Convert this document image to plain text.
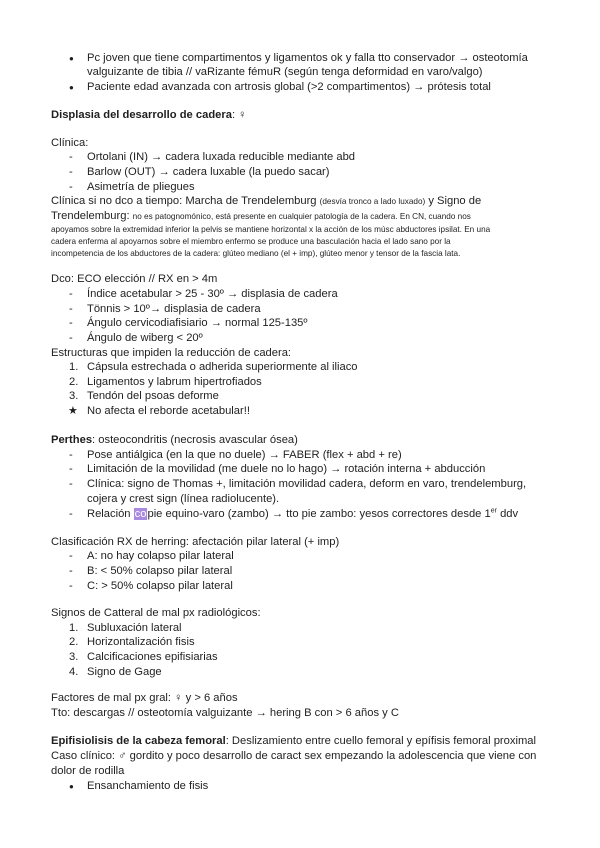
● Pc joven que tiene compartimentos y ligamentos ok y falla tto conservador → osteotomía
valguizante de tibia // vaRizante fémuR (según tenga deformidad en varo/valgo)
● Paciente edad avanzada con artrosis global (>2 compartimentos) → prótesis total
Displasia del desarrollo de cadera: ♀
Clínica:
- Ortolani (IN) → cadera luxada reducible mediante abd
- Barlow (OUT) → cadera luxable (la puedo sacar)
- Asimetría de pliegues
Clínica si no dco a tiempo: Marcha de Trendelemburg (desvía tronco a lado luxado) y Signo de
Trendelemburg: no es patognomónico, está presente en cualquier patología de la cadera. En CN, cuando nos
apoyamos sobre la extremidad inferior la pelvis se mantiene horizontal x la acción de los músc abductores ipsilat. En una
cadera enferma al apoyarnos sobre el miembro enfermo se produce una basculación hacia el lado sano por la
incompetencia de los abductores de la cadera: glúteo mediano (el + imp), glúteo menor y tensor de la fascia lata.
Dco: ECO elección // RX en > 4m
- Índice acetabular > 25 - 30º → displasia de cadera
- Tönnis > 10º→ displasia de cadera
- Ángulo cervicodiafisiario → normal 125-135º
- Ángulo de wiberg < 20º
Estructuras que impiden la reducción de cadera:
1. Cápsula estrechada o adherida superiormente al iliaco
2. Ligamentos y labrum hipertrofiados
3. Tendón del psoas deforme
★ No afecta el reborde acetabular!!
Perthes: osteocondritis (necrosis avascular ósea)
- Pose antiálgica (en la que no duele) → FABER (flex + abd + re)
- Limitación de la movilidad (me duele no lo hago) → rotación interna + abducción
- Clínica: signo de Thomas +, limitación movilidad cadera, deform en varo, trendelemburg,
cojera y crest sign (línea radiolucente).
- Relación copie equino-varo (zambo) → tto pie zambo: yesos correctores desde 1er ddv
Clasificación RX de herring: afectación pilar lateral (+ imp)
- A: no hay colapso pilar lateral
- B: < 50% colapso pilar lateral
- C: > 50% colapso pilar lateral
Signos de Catteral de mal px radiológicos:
1. Subluxación lateral
2. Horizontalización fisis
3. Calcificaciones epifisiarias
4. Signo de Gage
Factores de mal px gral: ♀ y > 6 años
Tto: descargas // osteotomía valguizante → hering B con > 6 años y C
Epifisiolisis de la cabeza femoral: Deslizamiento entre cuello femoral y epífisis femoral proximal
Caso clínico: ♂ gordito y poco desarrollo de caract sex empezando la adolescencia que viene con
dolor de rodilla
● Ensanchamiento de fisis
